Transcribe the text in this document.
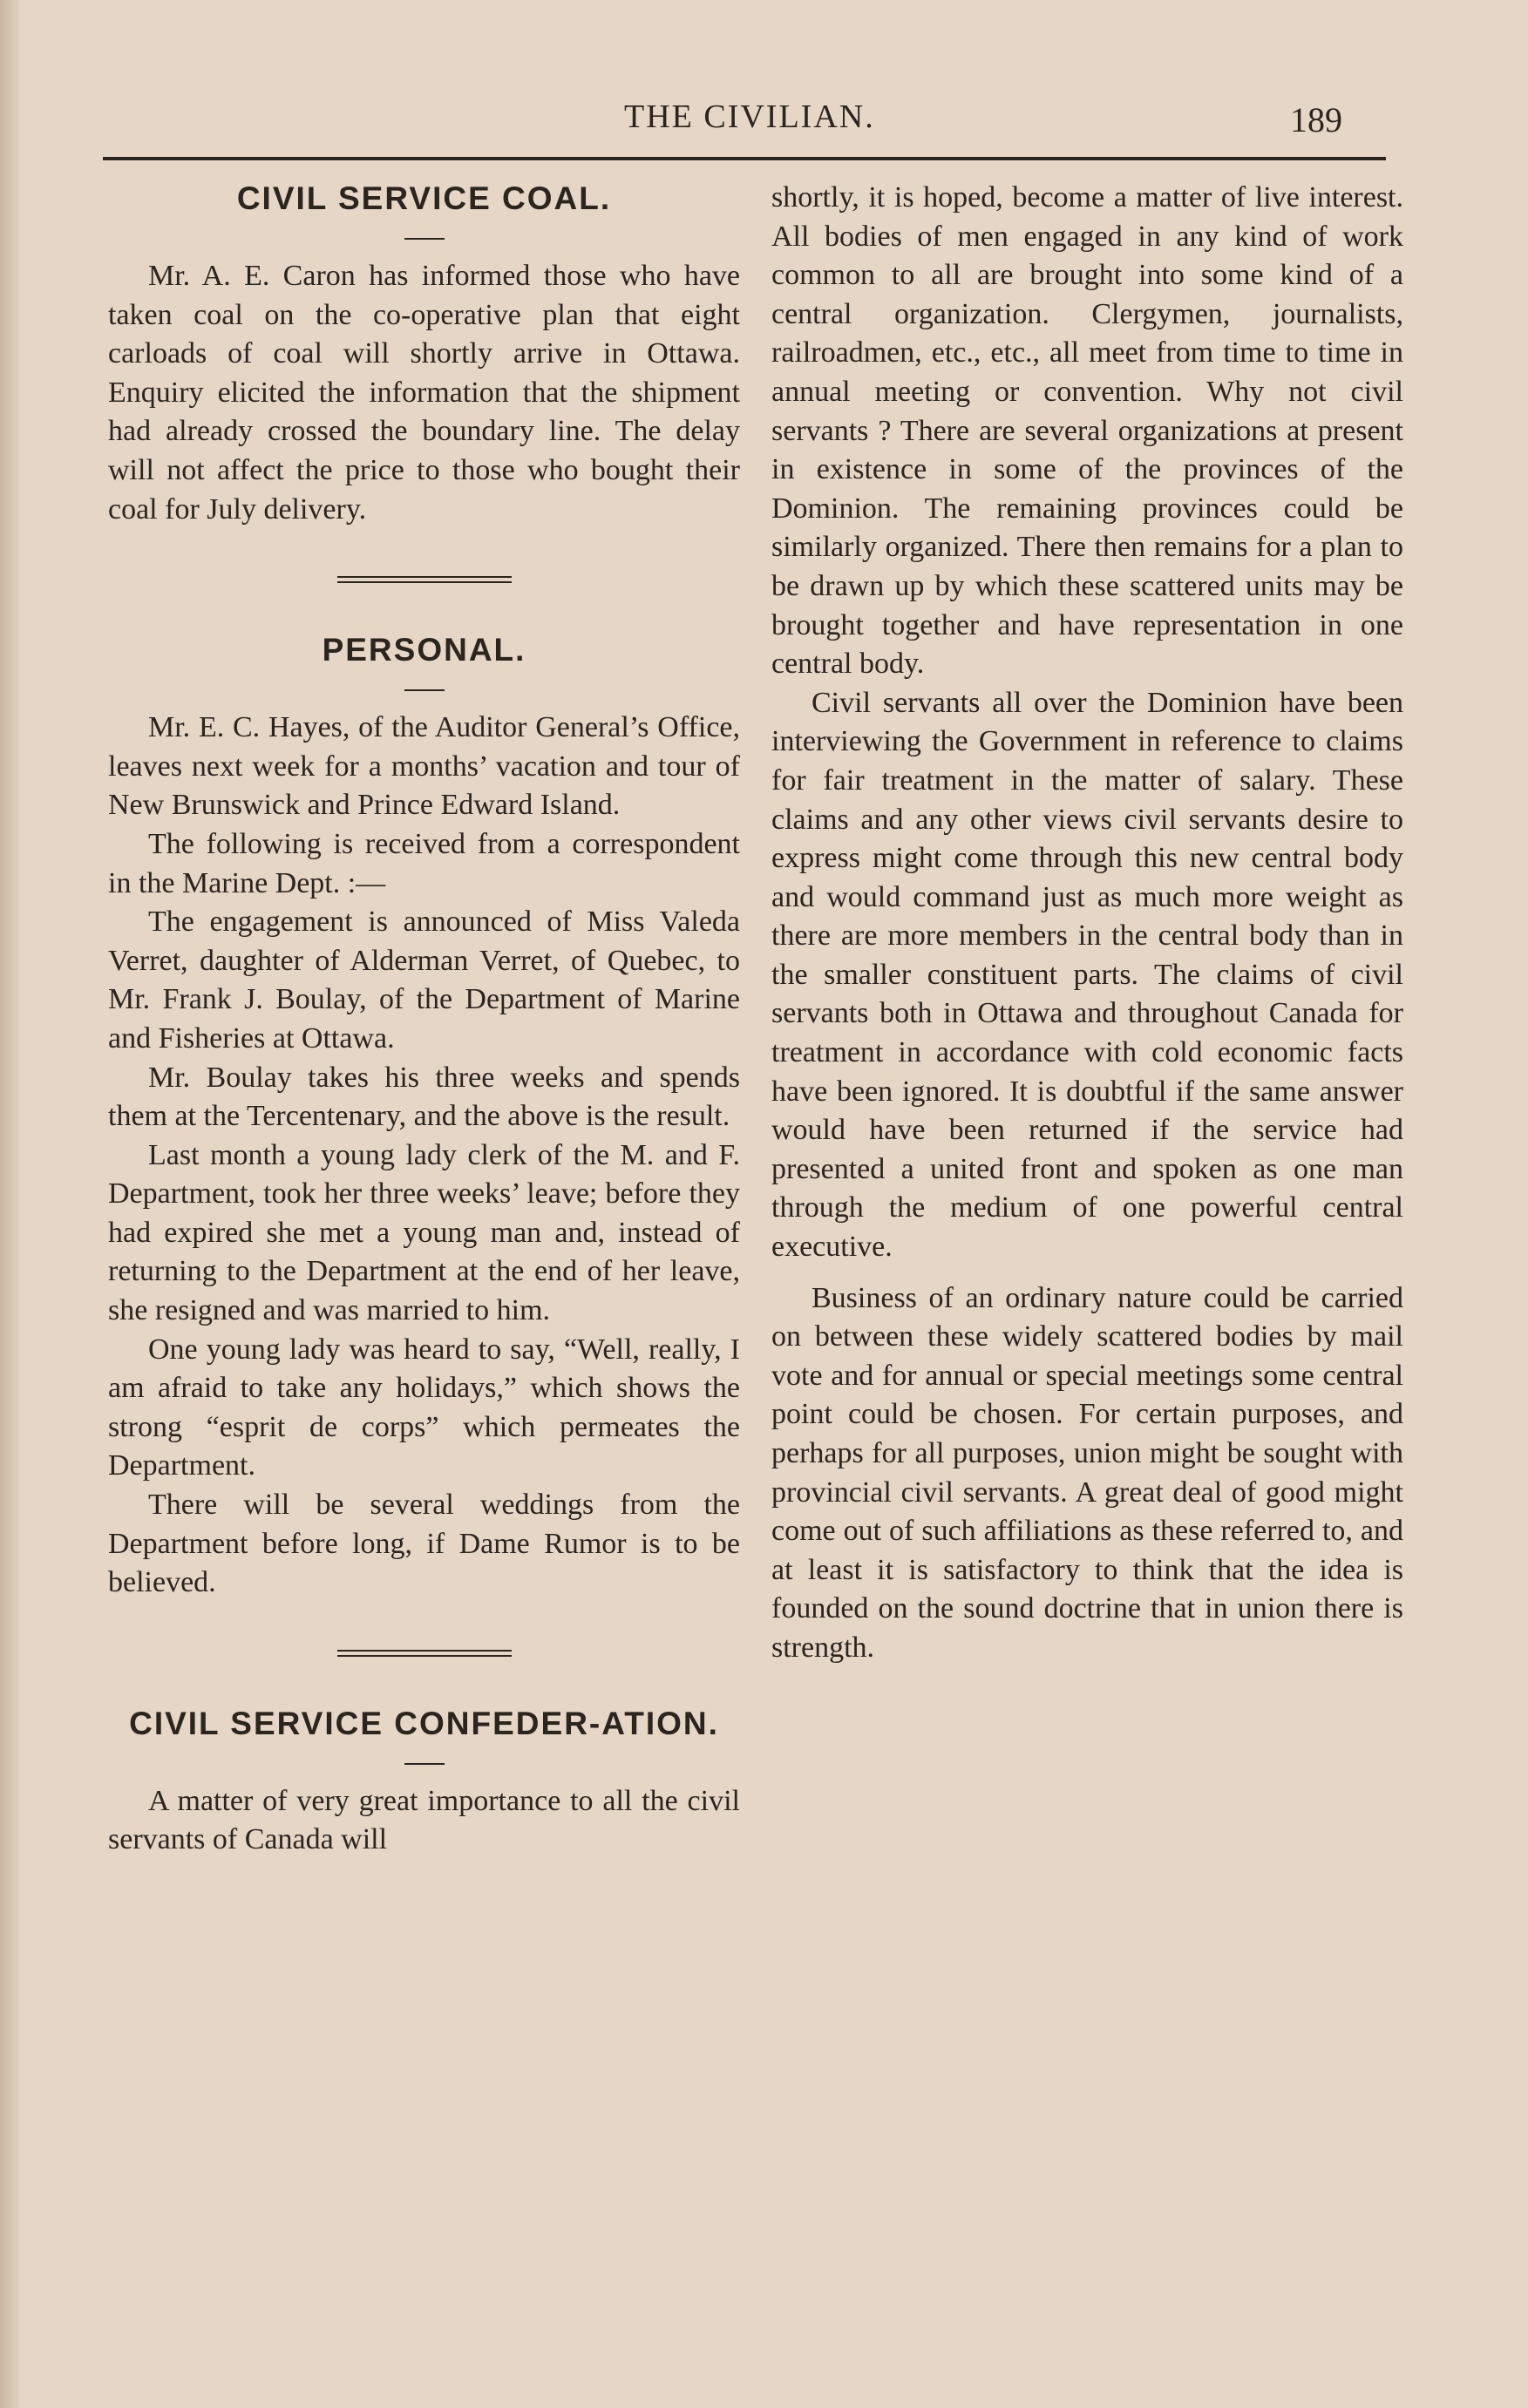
THE CIVILIAN.	189
CIVIL SERVICE COAL.

Mr. A. E. Caron has informed those who have taken coal on the co-operative plan that eight carloads of coal will shortly arrive in Ottawa. Enquiry elicited the information that the shipment had already crossed the boundary line. The delay will not affect the price to those who bought their coal for July delivery.

PERSONAL.

Mr. E. C. Hayes, of the Auditor General’s Office, leaves next week for a months’ vacation and tour of New Brunswick and Prince Edward Island.

The following is received from a correspondent in the Marine Dept. :—

The engagement is announced of Miss Valeda Verret, daughter of Alderman Verret, of Quebec, to Mr. Frank J. Boulay, of the Department of Marine and Fisheries at Ottawa.

Mr. Boulay takes his three weeks and spends them at the Tercentenary, and the above is the result.

Last month a young lady clerk of the M. and F. Department, took her three weeks’ leave; before they had expired she met a young man and, instead of returning to the Department at the end of her leave, she resigned and was married to him.

One young lady was heard to say, “Well, really, I am afraid to take any holidays,” which shows the strong “esprit de corps” which permeates the Department.

There will be several weddings from the Department before long, if Dame Rumor is to be believed.

CIVIL SERVICE CONFEDER-ATION.

A matter of very great importance to all the civil servants of Canada will

shortly, it is hoped, become a matter of live interest. All bodies of men engaged in any kind of work common to all are brought into some kind of a central organization. Clergymen, journalists, railroadmen, etc., etc., all meet from time to time in annual meeting or convention. Why not civil servants ? There are several organizations at present in existence in some of the provinces of the Dominion. The remaining provinces could be similarly organized. There then remains for a plan to be drawn up by which these scattered units may be brought together and have representation in one central body.

Civil servants all over the Dominion have been interviewing the Government in reference to claims for fair treatment in the matter of salary. These claims and any other views civil servants desire to express might come through this new central body and would command just as much more weight as there are more members in the central body than in the smaller constituent parts. The claims of civil servants both in Ottawa and throughout Canada for treatment in accordance with cold economic facts have been ignored. It is doubtful if the same answer would have been returned if the service had presented a united front and spoken as one man through the medium of one powerful central executive.

Business of an ordinary nature could be carried on between these widely scattered bodies by mail vote and for annual or special meetings some central point could be chosen. For certain purposes, and perhaps for all purposes, union might be sought with provincial civil servants. A great deal of good might come out of such affiliations as these referred to, and at least it is satisfactory to think that the idea is founded on the sound doctrine that in union there is strength.
